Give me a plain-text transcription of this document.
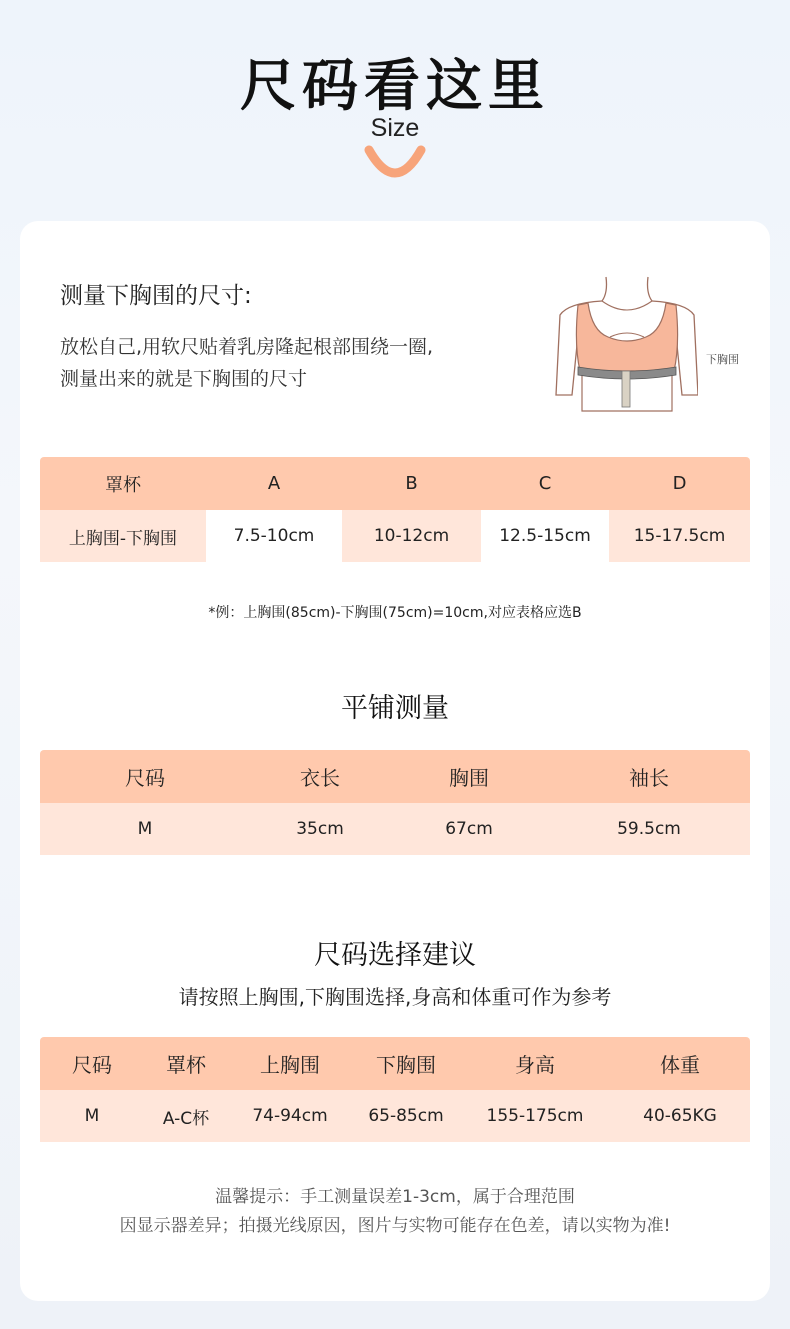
尺码看这里
Size
测量下胸围的尺寸:
放松自己,用软尺贴着乳房隆起根部围绕一圈,
测量出来的就是下胸围的尺寸
下胸围
罩杯	A	B	C	D
上胸围-下胸围	7.5-10cm	10-12cm	12.5-15cm	15-17.5cm
*例：上胸围(85cm)-下胸围(75cm)=10cm,对应表格应选B
平铺测量
尺码	衣长	胸围	袖长
M	35cm	67cm	59.5cm
尺码选择建议
请按照上胸围,下胸围选择,身高和体重可作为参考
尺码	罩杯	上胸围	下胸围	身高	体重
M	A-C杯	74-94cm	65-85cm	155-175cm	40-65KG
温馨提示：手工测量误差1-3cm，属于合理范围
因显示器差异；拍摄光线原因，图片与实物可能存在色差，请以实物为准!
